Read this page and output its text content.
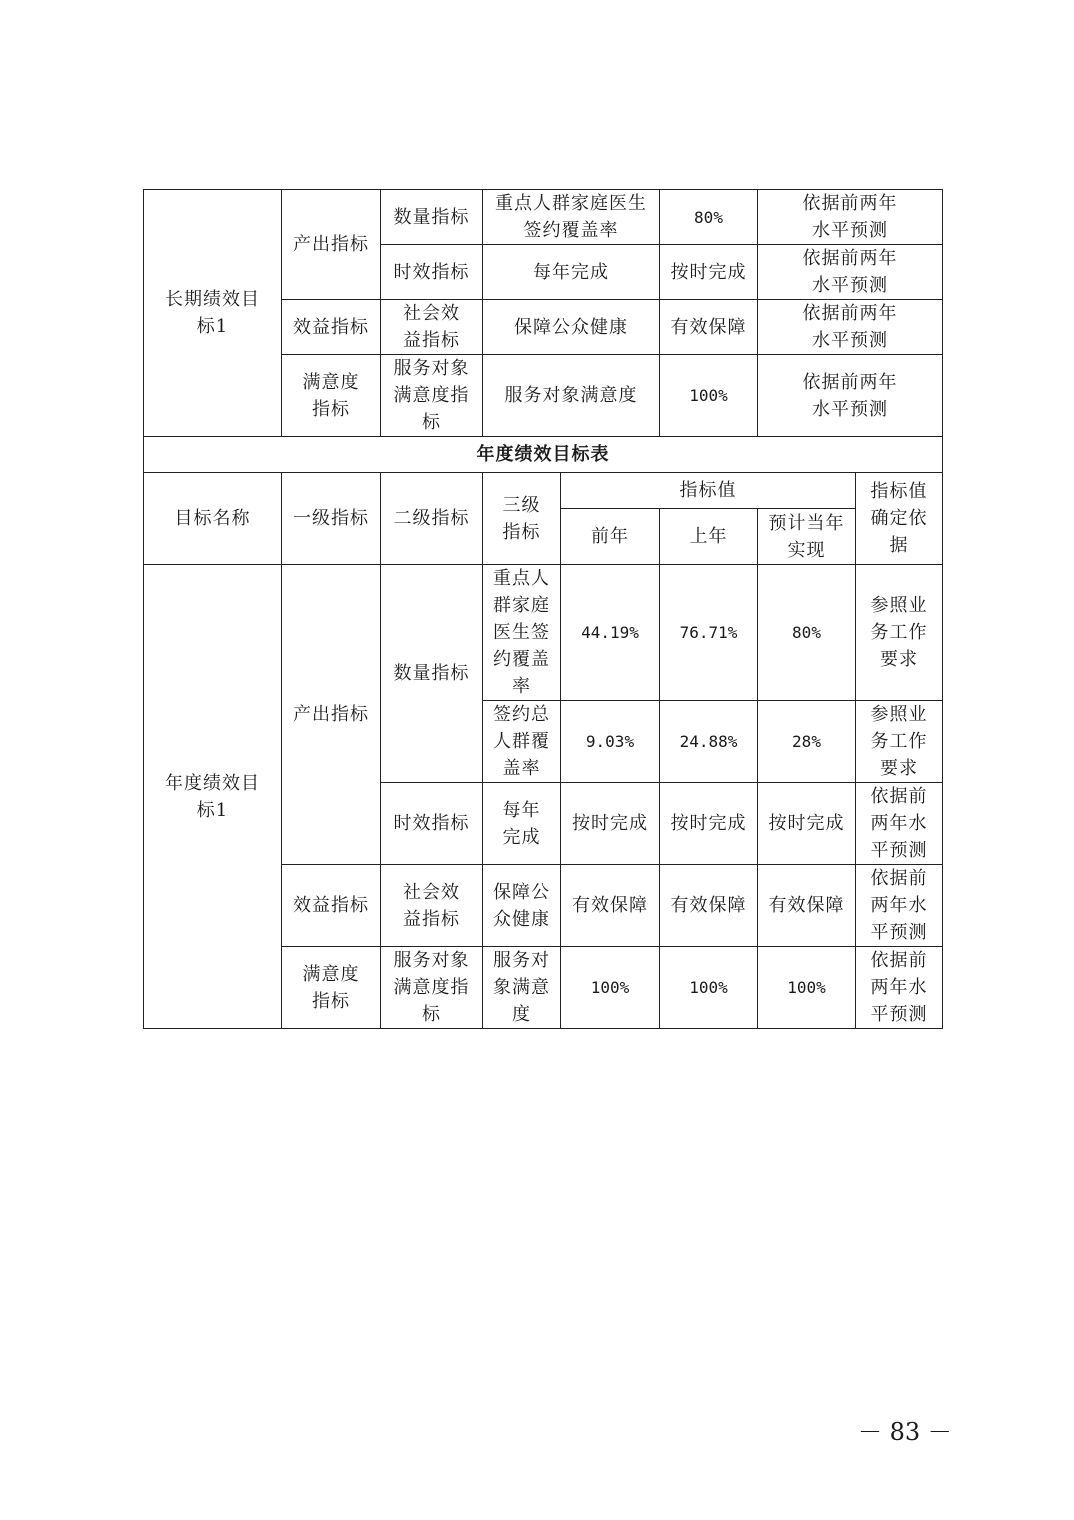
长期绩效目标1	产出指标	数量指标	重点人群家庭医生签约覆盖率		80%	依据前两年水平预测	
		时效指标	每年完成		按时完成	依据前两年水平预测	
	效益指标	社会效益指标	保障公众健康		有效保障	依据前两年水平预测	
	满意度指标	服务对象满意度指标	服务对象满意度		100%	依据前两年水平预测	
年度绩效目标表							
目标名称	一级指标	二级指标	三级指标	指标值			指标值确定依据
				前年	上年	预计当年实现	
年度绩效目标1	产出指标	数量指标	重点人群家庭医生签约覆盖率	44.19%	76.71%	80%	参照业务工作要求
			签约总人群覆盖率	9.03%	24.88%	28%	参照业务工作要求
		时效指标	每年完成	按时完成	按时完成	按时完成	依据前两年水平预测
	效益指标	社会效益指标	保障公众健康	有效保障	有效保障	有效保障	依据前两年水平预测
	满意度指标	服务对象满意度指标	服务对象满意度	100%	100%	100%	依据前两年水平预测
－ 83 －
